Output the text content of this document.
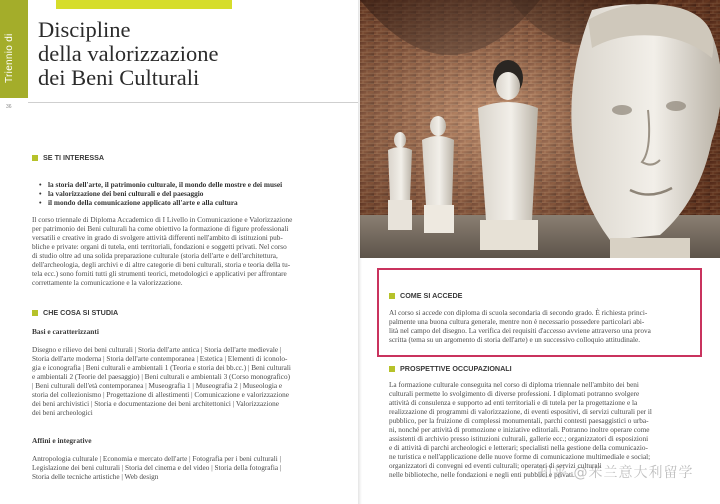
Triennio di
36
Discipline
della valorizzazione
dei Beni Culturali
SE TI INTERESSA
• la storia dell'arte, il patrimonio culturale, il mondo delle mostre e dei musei
• la valorizzazione dei beni culturali e del paesaggio
• il mondo della comunicazione applicato all'arte e alla cultura
Il corso triennale di Diploma Accademico di I Livello in Comunicazione e Valorizzazione
per patrimonio dei Beni culturali ha come obiettivo la formazione di figure professionali
versatili e creative in grado di svolgere attività differenti nell'ambito di istituzioni pub-
bliche e private: organi di tutela, enti territoriali, fondazioni e soggetti privati. Nel corso
di studio oltre ad una solida preparazione culturale (storia dell'arte e dell'architettura,
dell'archeologia, degli archivi e di altre categorie di beni culturali, storia e teoria della tu-
tela ecc.) sono forniti tutti gli strumenti teorici, metodologici e applicativi per affrontare
correttamente la comunicazione e la valorizzazione.
CHE COSA SI STUDIA
Basi e caratterizzanti
Disegno e rilievo dei beni culturali | Storia dell'arte antica | Storia dell'arte medievale |
Storia dell'arte moderna | Storia dell'arte contemporanea | Estetica | Elementi di iconolo-
gia e iconografia | Beni culturali e ambientali 1 (Teoria e storia dei bb.cc.) | Beni culturali
e ambientali 2 (Teorie del paesaggio) | Beni culturali e ambientali 3 (Corso monografico)
| Beni culturali dell'età contemporanea | Museografia 1 | Museografia 2 | Museologia e
storia del collezionismo | Progettazione di allestimenti | Comunicazione e valorizzazione
dei beni archivistici | Storia e documentazione dei beni architettonici | Valorizzazione
dei beni archeologici
Affini e integrative
Antropologia culturale | Economia e mercato dell'arte | Fotografia per i beni culturali |
Legislazione dei beni culturali | Storia del cinema e del video | Storia della fotografia |
Storia delle tecniche artistiche | Web design
COME SI ACCEDE
Al corso si accede con diploma di scuola secondaria di secondo grado. È richiesta princi-
palmente una buona cultura generale, mentre non è necessario possedere particolari abi-
lità nel campo del disegno. La verifica dei requisiti d'accesso avviene attraverso una prova
scritta (tema su un argomento di storia dell'arte) e un successivo colloquio attitudinale.
PROSPETTIVE OCCUPAZIONALI
La formazione culturale conseguita nel corso di diploma triennale nell'ambito dei beni
culturali permette lo svolgimento di diverse professioni. I diplomati potranno svolgere
attività di consulenza e supporto ad enti territoriali e di tutela per la progettazione e la
realizzazione di programmi di valorizzazione, di eventi espositivi, di servizi culturali per il
pubblico, per la fruizione di complessi monumentali, parchi contesti paesaggistici o urba-
ni, nonché per attività di promozione e iniziative editoriali. Potranno inoltre operare come
assistenti di archivio presso istituzioni culturali, gallerie ecc.; organizzatori di esposizioni
e di attività di parchi archeologici e letterari; specialisti nella gestione della comunicazio-
ne turistica e nell'applicazione delle nuove forme di comunicazione multimediale e social;
organizzatori di convegni ed eventi culturali; operatori di servizi culturali
nelle biblioteche, nelle fondazioni e negli enti pubblici e privati.
知乎 @米兰意大利留学
